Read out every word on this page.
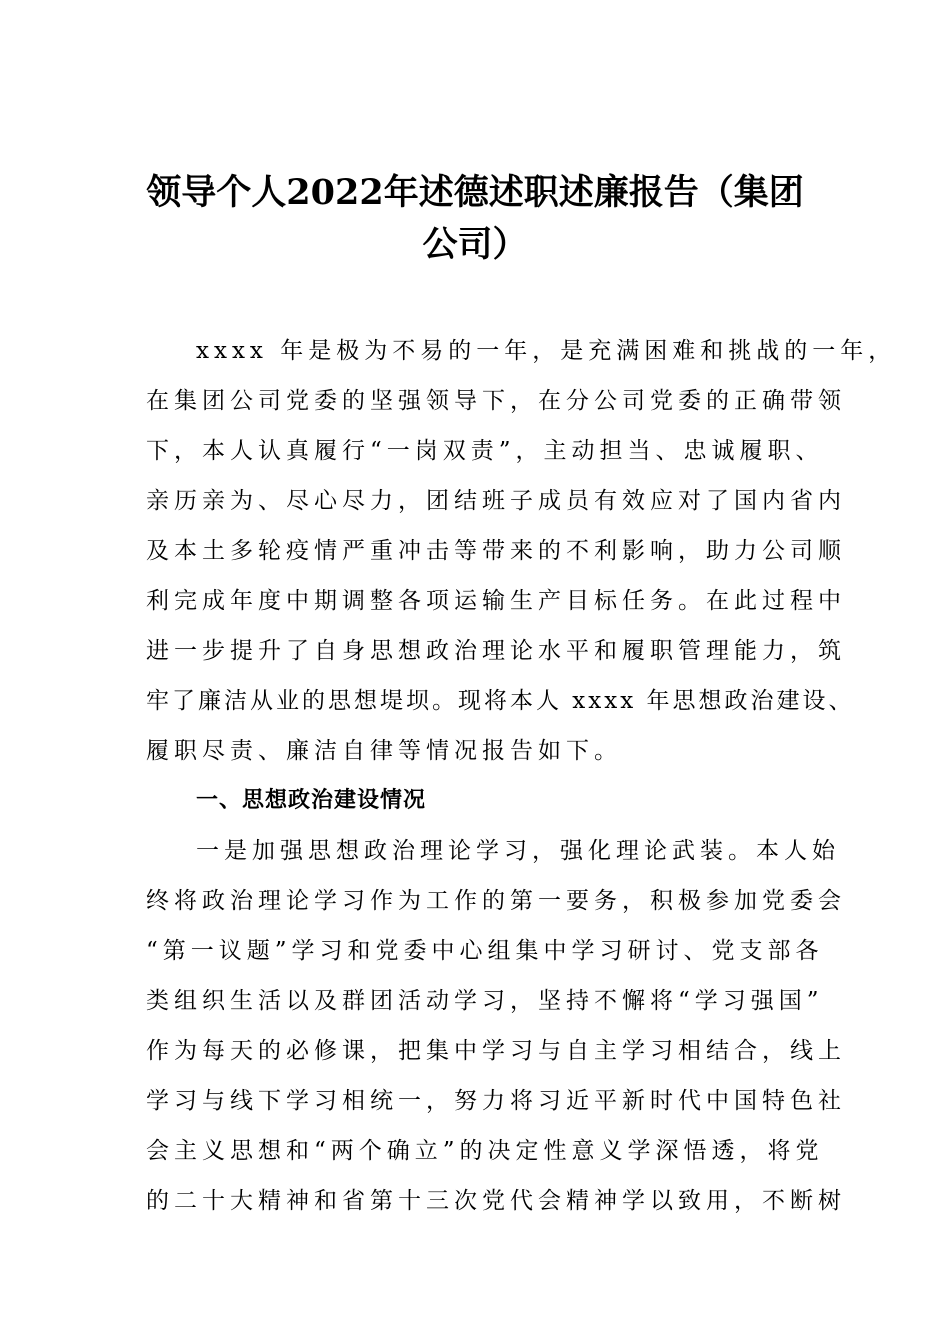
领导个人2022年述德述职述廉报告（集团
公司）
xxxx 年是极为不易的一年，是充满困难和挑战的一年，
在集团公司党委的坚强领导下，在分公司党委的正确带领
下，本人认真履行“一岗双责”，主动担当、忠诚履职、
亲历亲为、尽心尽力，团结班子成员有效应对了国内省内
及本土多轮疫情严重冲击等带来的不利影响，助力公司顺
利完成年度中期调整各项运输生产目标任务。在此过程中
进一步提升了自身思想政治理论水平和履职管理能力，筑
牢了廉洁从业的思想堤坝。现将本人 xxxx 年思想政治建设、
履职尽责、廉洁自律等情况报告如下。
一、思想政治建设情况
一是加强思想政治理论学习，强化理论武装。本人始
终将政治理论学习作为工作的第一要务，积极参加党委会
“第一议题”学习和党委中心组集中学习研讨、党支部各
类组织生活以及群团活动学习，坚持不懈将“学习强国”
作为每天的必修课，把集中学习与自主学习相结合，线上
学习与线下学习相统一，努力将习近平新时代中国特色社
会主义思想和“两个确立”的决定性意义学深悟透，将党
的二十大精神和省第十三次党代会精神学以致用，不断树
